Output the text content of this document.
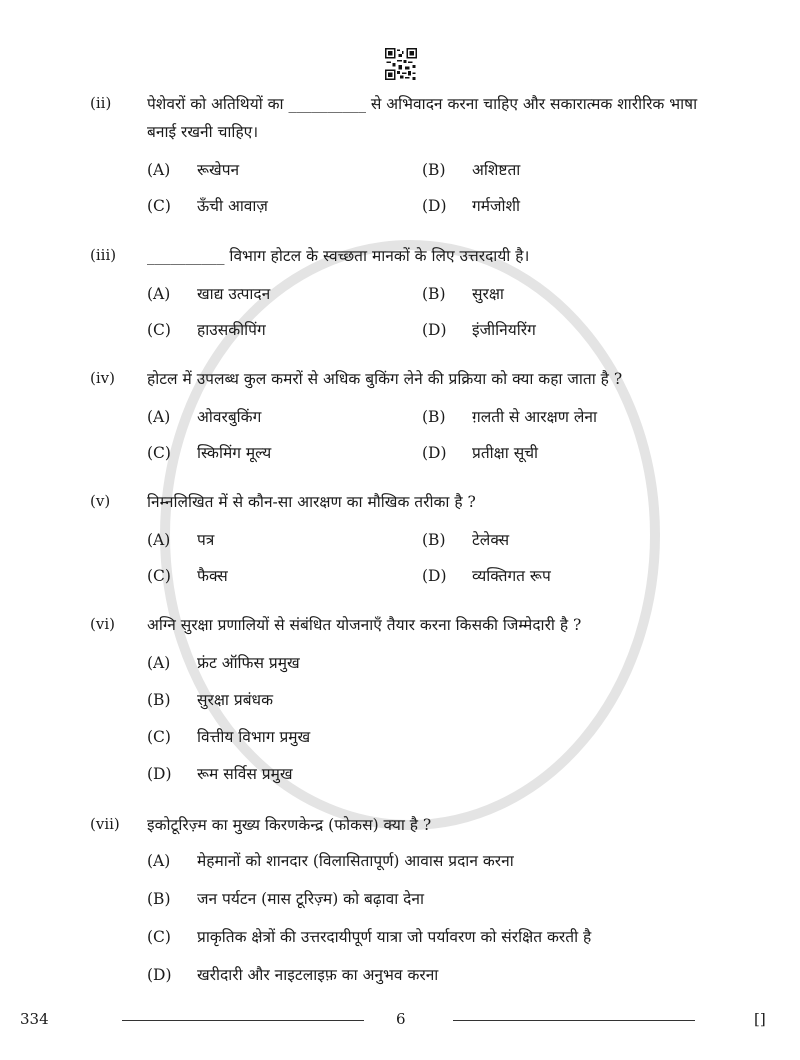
(ii) पेशेवरों को अतिथियों का __________ से अभिवादन करना चाहिए और सकारात्मक शारीरिक भाषा बनाई रखनी चाहिए।
(A) रूखेपन	(B) अशिष्टता
(C) ऊँची आवाज़	(D) गर्मजोशी
(iii) __________ विभाग होटल के स्वच्छता मानकों के लिए उत्तरदायी है।
(A) खाद्य उत्पादन	(B) सुरक्षा
(C) हाउसकीपिंग	(D) इंजीनियरिंग
(iv) होटल में उपलब्ध कुल कमरों से अधिक बुकिंग लेने की प्रक्रिया को क्या कहा जाता है ?
(A) ओवरबुकिंग	(B) ग़लती से आरक्षण लेना
(C) स्किमिंग मूल्य	(D) प्रतीक्षा सूची
(v) निम्नलिखित में से कौन-सा आरक्षण का मौखिक तरीका है ?
(A) पत्र	(B) टेलेक्स
(C) फैक्स	(D) व्यक्तिगत रूप
(vi) अग्नि सुरक्षा प्रणालियों से संबंधित योजनाएँ तैयार करना किसकी जिम्मेदारी है ?
(A) फ्रंट ऑफिस प्रमुख
(B) सुरक्षा प्रबंधक
(C) वित्तीय विभाग प्रमुख
(D) रूम सर्विस प्रमुख
(vii) इकोटूरिज़्म का मुख्य किरणकेन्द्र (फोकस) क्या है ?
(A) मेहमानों को शानदार (विलासितापूर्ण) आवास प्रदान करना
(B) जन पर्यटन (मास टूरिज़्म) को बढ़ावा देना
(C) प्राकृतिक क्षेत्रों की उत्तरदायीपूर्ण यात्रा जो पर्यावरण को संरक्षित करती है
(D) खरीदारी और नाइटलाइफ़ का अनुभव करना
334	6	[]
